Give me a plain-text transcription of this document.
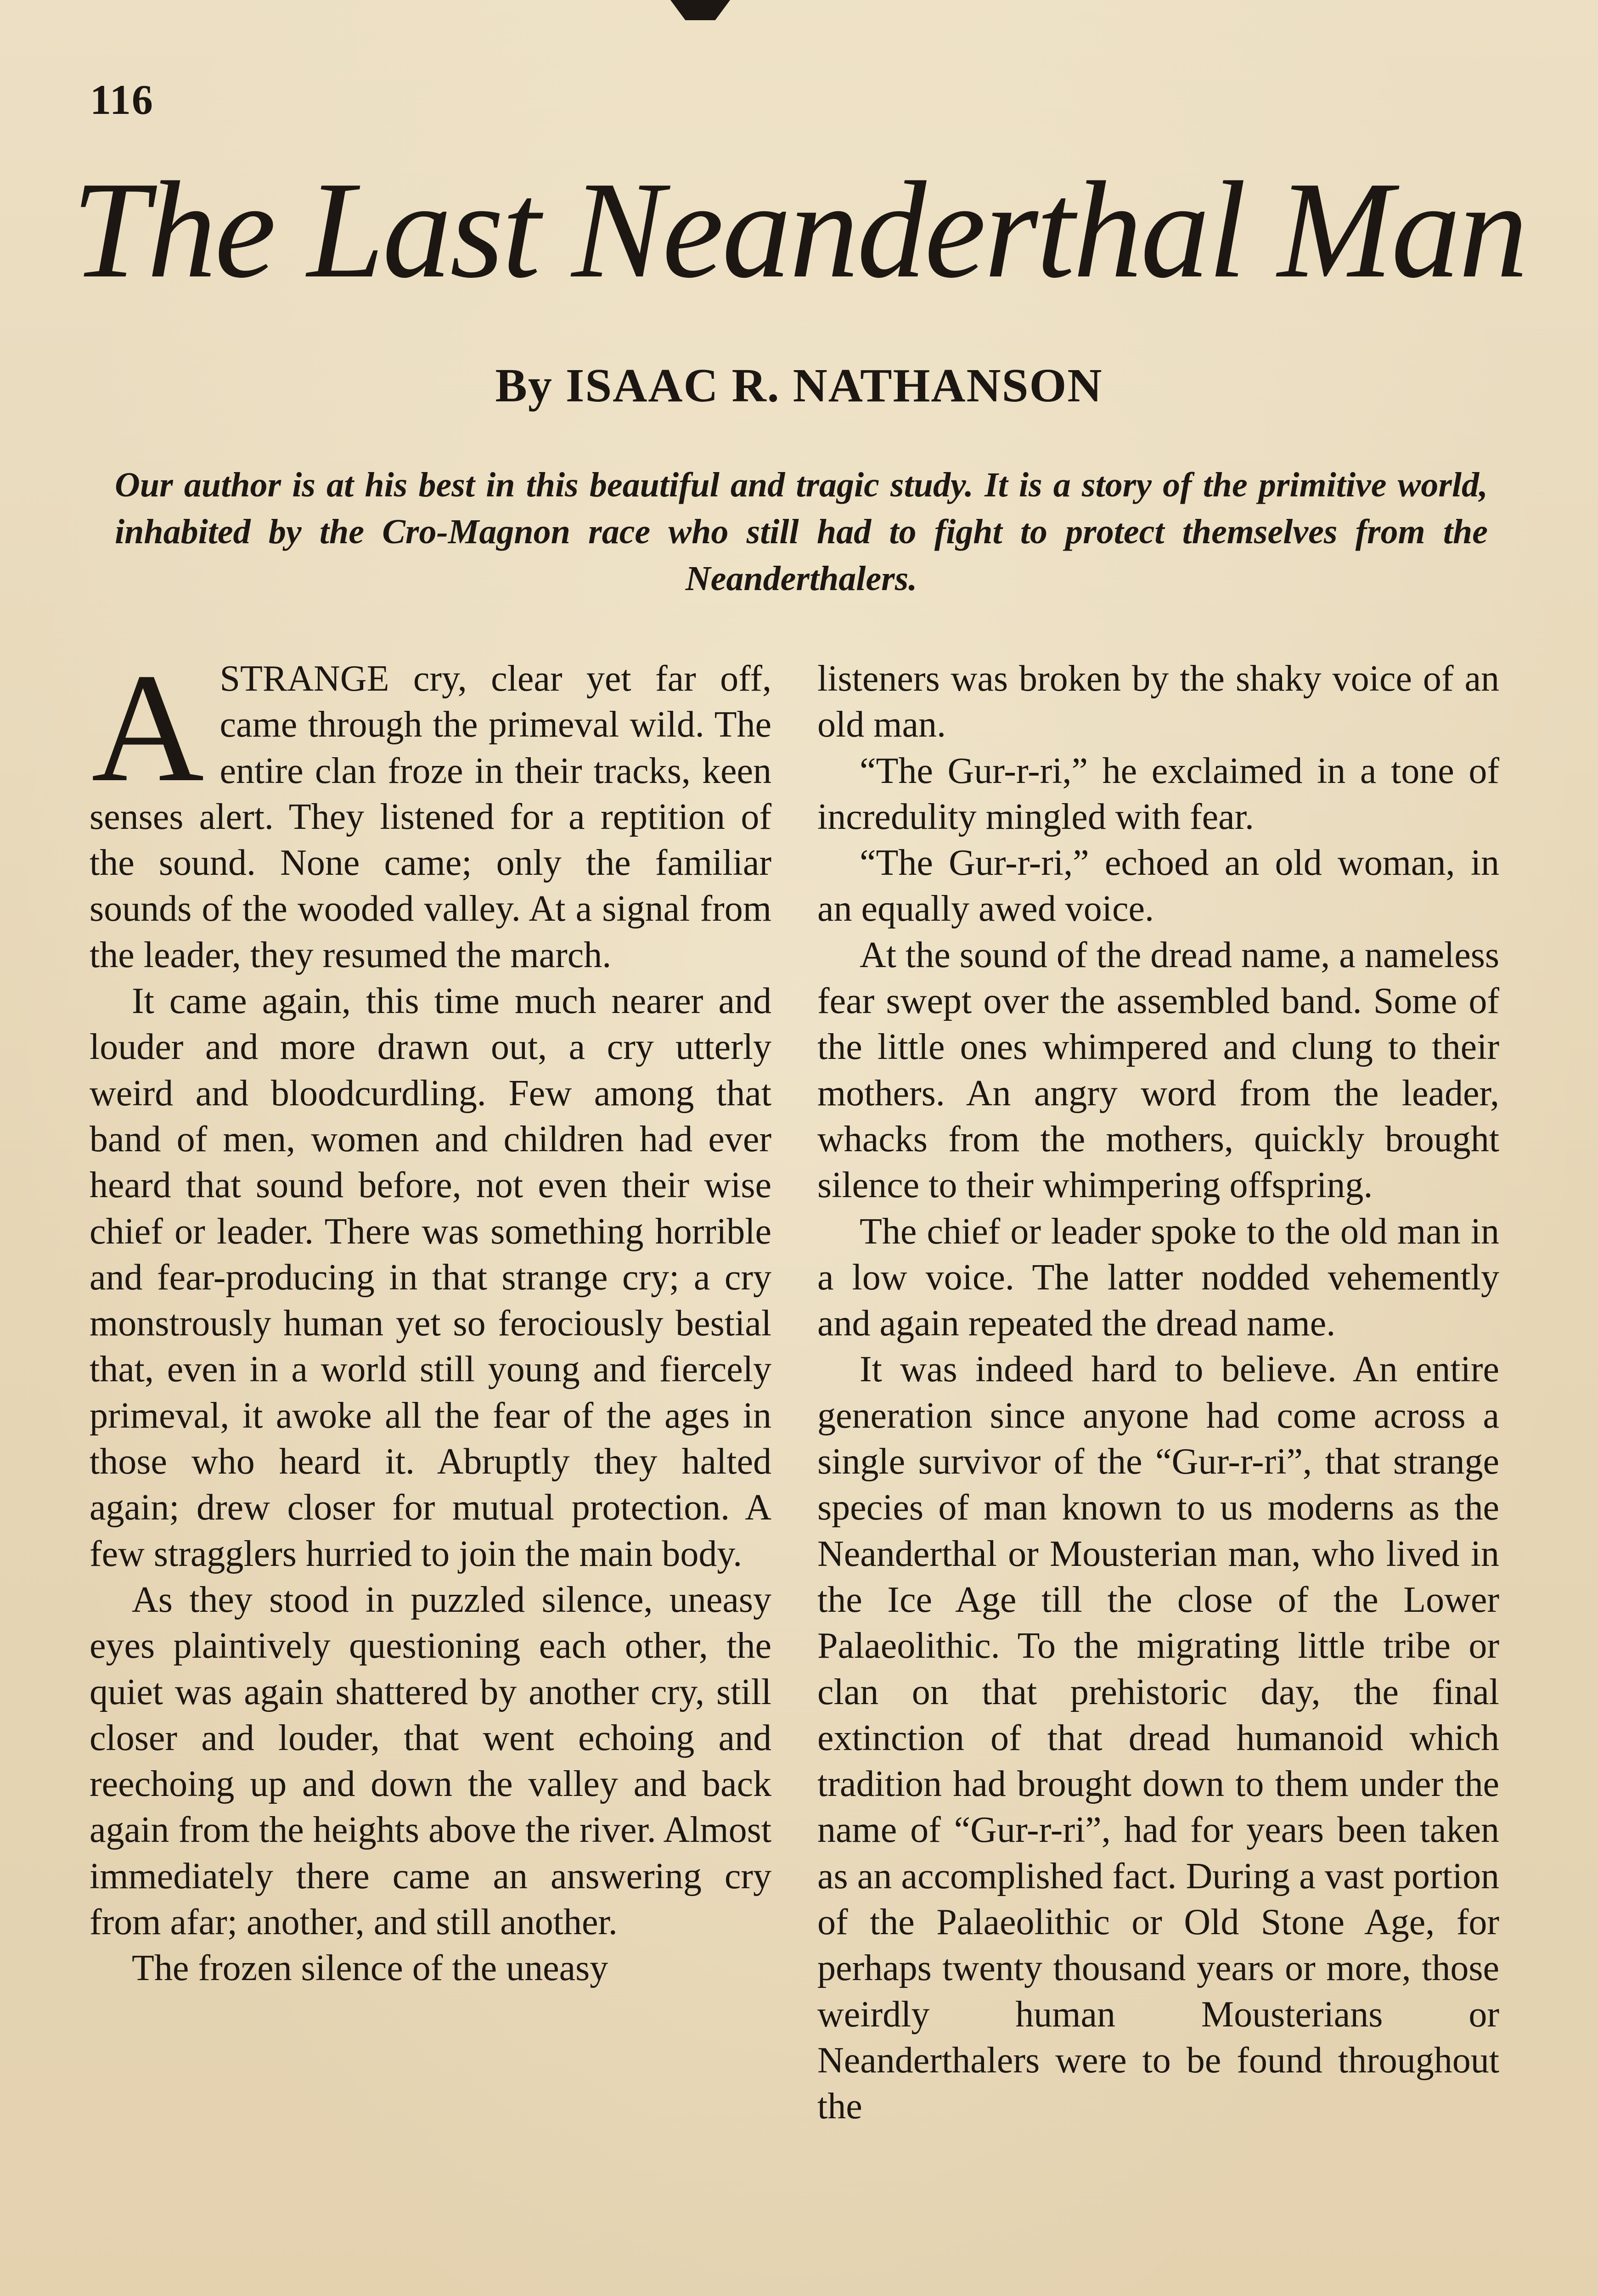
116
The Last Neanderthal Man
By ISAAC R. NATHANSON
Our author is at his best in this beautiful and tragic study. It is a story of the primitive world, inhabited by the Cro-Magnon race who still had to fight to protect themselves from the Neanderthalers.

A STRANGE cry, clear yet far off, came through the primeval wild. The entire clan froze in their tracks, keen senses alert. They listened for a reptition of the sound. None came; only the familiar sounds of the wooded valley. At a signal from the leader, they resumed the march.

It came again, this time much nearer and louder and more drawn out, a cry utterly weird and bloodcurdling. Few among that band of men, women and children had ever heard that sound before, not even their wise chief or leader. There was something horrible and fear-producing in that strange cry; a cry monstrously human yet so ferociously bestial that, even in a world still young and fiercely primeval, it awoke all the fear of the ages in those who heard it. Abruptly they halted again; drew closer for mutual protection. A few stragglers hurried to join the main body.

As they stood in puzzled silence, uneasy eyes plaintively questioning each other, the quiet was again shattered by another cry, still closer and louder, that went echoing and reechoing up and down the valley and back again from the heights above the river. Almost immediately there came an answering cry from afar; another, and still another.

The frozen silence of the uneasy

listeners was broken by the shaky voice of an old man.

“The Gur-r-ri,” he exclaimed in a tone of incredulity mingled with fear.

“The Gur-r-ri,” echoed an old woman, in an equally awed voice.

At the sound of the dread name, a nameless fear swept over the assembled band. Some of the little ones whimpered and clung to their mothers. An angry word from the leader, whacks from the mothers, quickly brought silence to their whimpering offspring.

The chief or leader spoke to the old man in a low voice. The latter nodded vehemently and again repeated the dread name.

It was indeed hard to believe. An entire generation since anyone had come across a single survivor of the “Gur-r-ri”, that strange species of man known to us moderns as the Neanderthal or Mousterian man, who lived in the Ice Age till the close of the Lower Palaeolithic. To the migrating little tribe or clan on that prehistoric day, the final extinction of that dread humanoid which tradition had brought down to them under the name of “Gur-r-ri”, had for years been taken as an accomplished fact. During a vast portion of the Palaeolithic or Old Stone Age, for perhaps twenty thousand years or more, those weirdly human Mousterians or Neanderthalers were to be found throughout the
